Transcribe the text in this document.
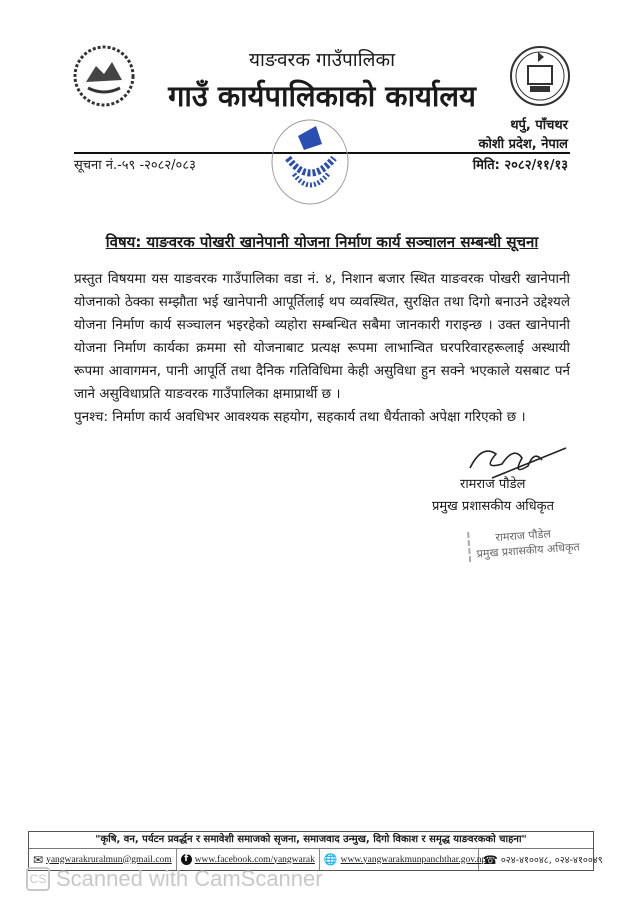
याङवरक गाउँपालिका
गाउँ कार्यपालिकाको कार्यालय
थर्पु, पाँचथर
कोशी प्रदेश, नेपाल
सूचना नं.-५९ -२०८२/०८३	मिति: २०८२/११/१३
विषय: याङवरक पोखरी खानेपानी योजना निर्माण कार्य सञ्चालन सम्बन्धी सूचना

प्रस्तुत विषयमा यस याङवरक गाउँपालिका वडा नं. ४, निशान बजार स्थित याङवरक पोखरी खानेपानी योजनाको ठेक्का सम्झौता भई खानेपानी आपूर्तिलाई थप व्यवस्थित, सुरक्षित तथा दिगो बनाउने उद्देश्यले योजना निर्माण कार्य सञ्चालन भइरहेको व्यहोरा सम्बन्धित सबैमा जानकारी गराइन्छ । उक्त खानेपानी योजना निर्माण कार्यका क्रममा सो योजनाबाट प्रत्यक्ष रूपमा लाभान्वित घरपरिवारहरूलाई अस्थायी रूपमा आवागमन, पानी आपूर्ति तथा दैनिक गतिविधिमा केही असुविधा हुन सक्ने भएकाले यसबाट पर्न जाने असुविधाप्रति याङवरक गाउँपालिका क्षमाप्रार्थी छ ।

पुनश्च: निर्माण कार्य अवधिभर आवश्यक सहयोग, सहकार्य तथा धैर्यताको अपेक्षा गरिएको छ ।

रामराज पौडेल
प्रमुख प्रशासकीय अधिकृत
रामराज पौडेल
प्रमुख प्रशासकीय अधिकृत
"कृषि, वन, पर्यटन प्रवर्द्धन र समावेशी समाजको सृजना, समाजवाद उन्मुख, दिगो विकाश र समृद्ध याङवरकको चाहना"
✉ yangwarakruralmun@gmail.com	f www.facebook.com/yangwarak 🌐 www.yangwarakmunpanchthar.gov.np
☎ ०२४-४१००४८, ०२४-४१००४९
CS Scanned with CamScanner
